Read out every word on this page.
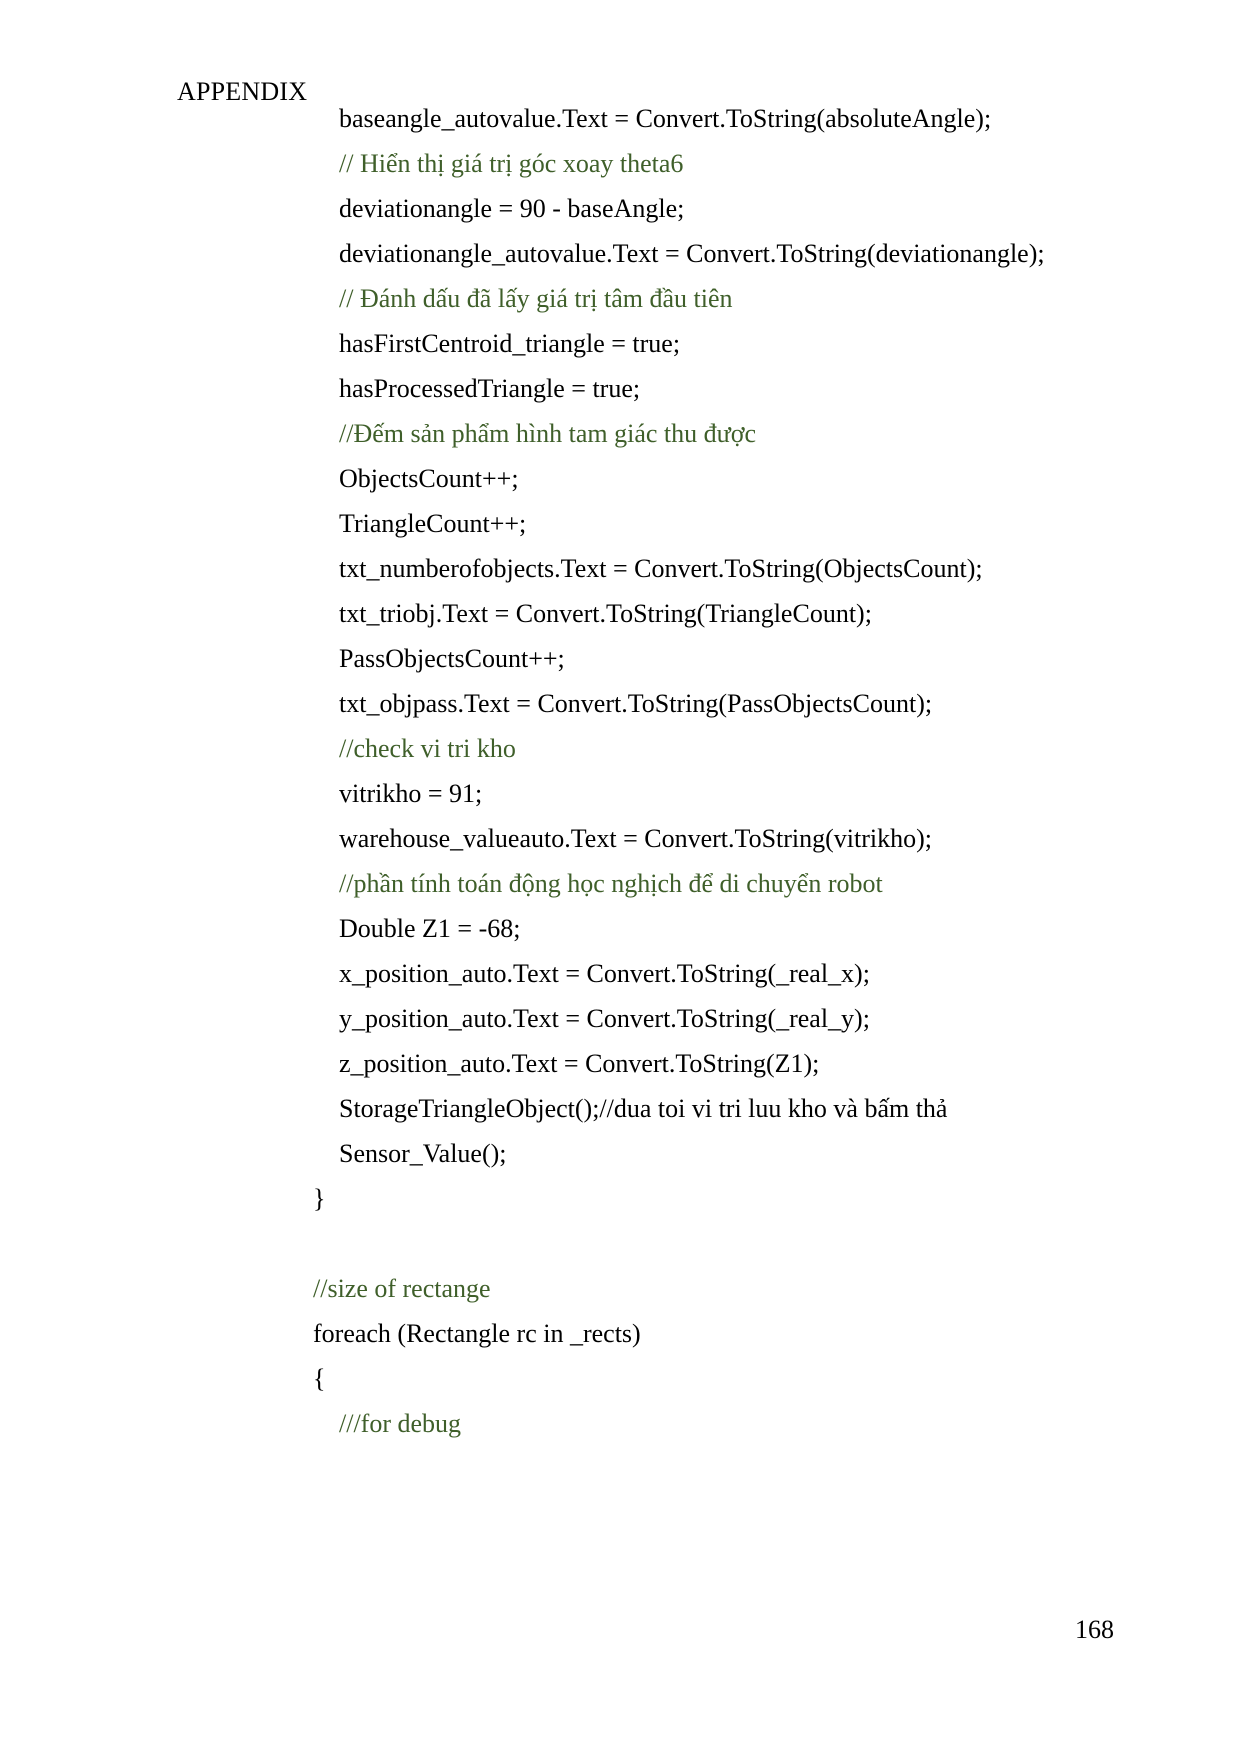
APPENDIX
baseangle_autovalue.Text = Convert.ToString(absoluteAngle);
// Hiển thị giá trị góc xoay theta6
deviationangle = 90 - baseAngle;
deviationangle_autovalue.Text = Convert.ToString(deviationangle);
// Đánh dấu đã lấy giá trị tâm đầu tiên
hasFirstCentroid_triangle = true;
hasProcessedTriangle = true;
//Đếm sản phẩm hình tam giác thu được
ObjectsCount++;
TriangleCount++;
txt_numberofobjects.Text = Convert.ToString(ObjectsCount);
txt_triobj.Text = Convert.ToString(TriangleCount);
PassObjectsCount++;
txt_objpass.Text = Convert.ToString(PassObjectsCount);
//check vi tri kho
vitrikho = 91;
warehouse_valueauto.Text = Convert.ToString(vitrikho);
//phần tính toán động học nghịch để di chuyển robot
Double Z1 = -68;
x_position_auto.Text = Convert.ToString(_real_x);
y_position_auto.Text = Convert.ToString(_real_y);
z_position_auto.Text = Convert.ToString(Z1);
StorageTriangleObject();//dua toi vi tri luu kho và bấm thả
Sensor_Value();
}
//size of rectange
foreach (Rectangle rc in _rects)
{
///for debug
168
